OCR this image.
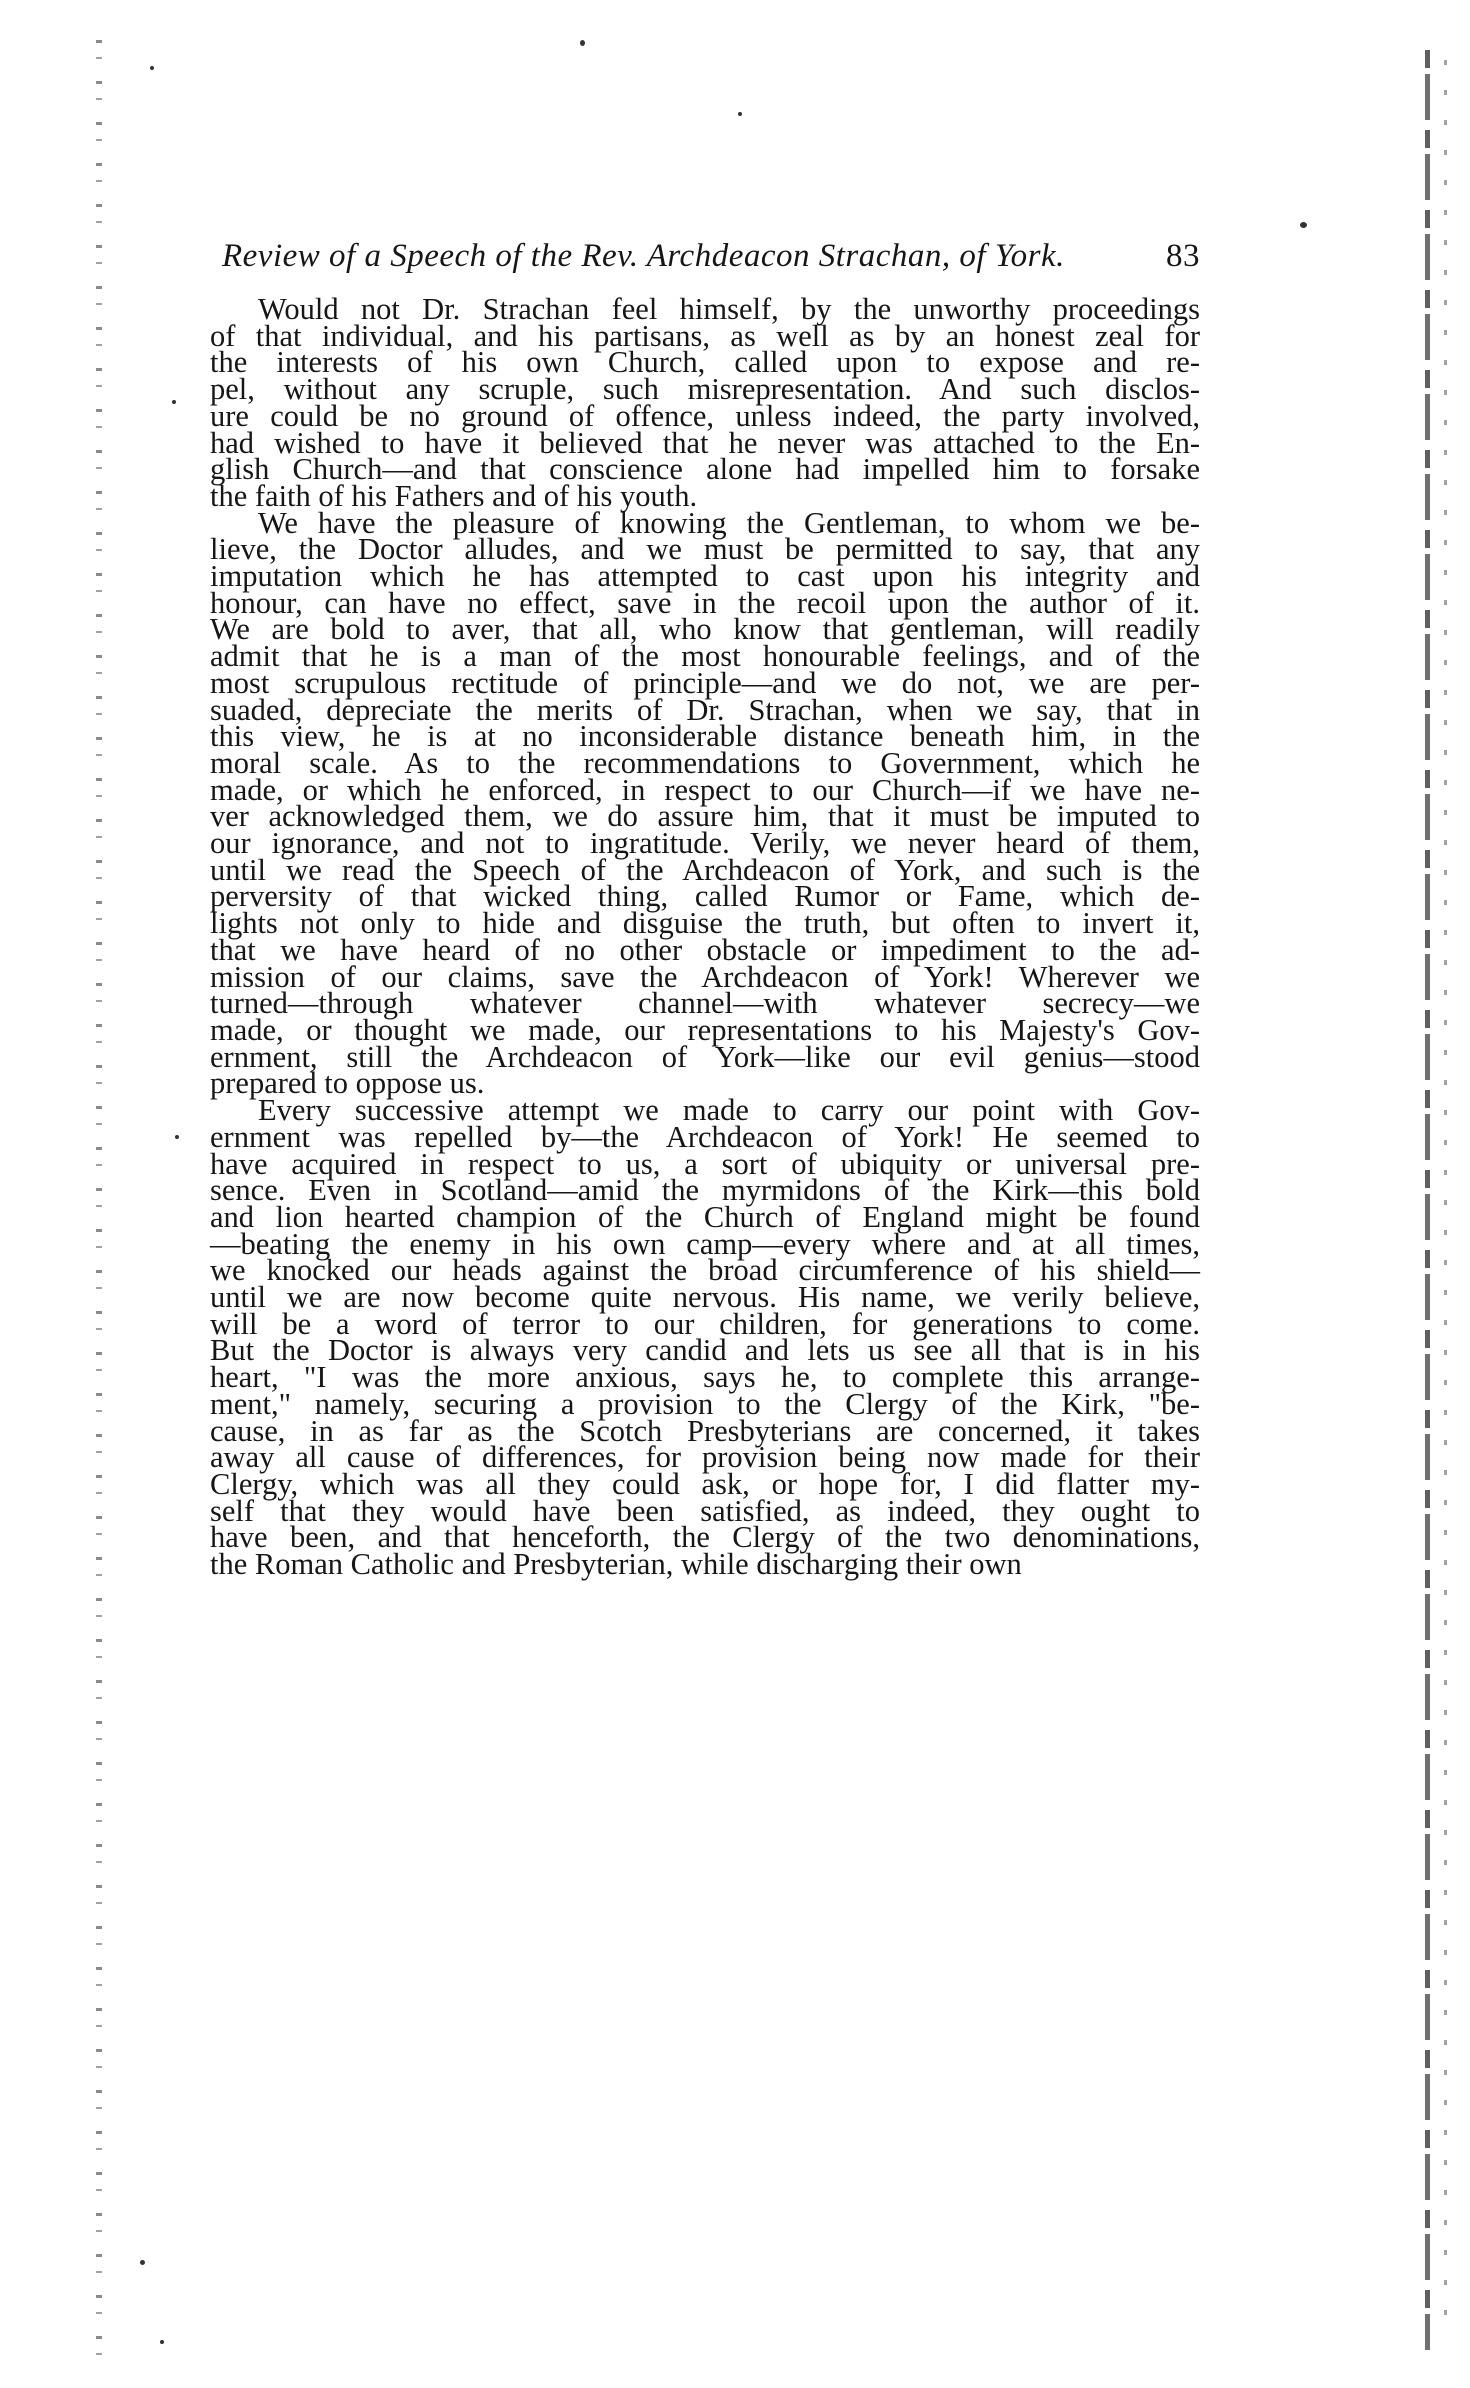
Review of a Speech of the Rev. Archdeacon Strachan, of York.	83
Would not Dr. Strachan feel himself, by the unworthy proceedings
of that individual, and his partisans, as well as by an honest zeal for
the interests of his own Church, called upon to expose and re-
pel, without any scruple, such misrepresentation. And such disclos-
ure could be no ground of offence, unless indeed, the party involved,
had wished to have it believed that he never was attached to the En-
glish Church—and that conscience alone had impelled him to forsake
the faith of his Fathers and of his youth.
We have the pleasure of knowing the Gentleman, to whom we be-
lieve, the Doctor alludes, and we must be permitted to say, that any
imputation which he has attempted to cast upon his integrity and
honour, can have no effect, save in the recoil upon the author of it.
We are bold to aver, that all, who know that gentleman, will readily
admit that he is a man of the most honourable feelings, and of the
most scrupulous rectitude of principle—and we do not, we are per-
suaded, depreciate the merits of Dr. Strachan, when we say, that in
this view, he is at no inconsiderable distance beneath him, in the
moral scale. As to the recommendations to Government, which he
made, or which he enforced, in respect to our Church—if we have ne-
ver acknowledged them, we do assure him, that it must be imputed to
our ignorance, and not to ingratitude. Verily, we never heard of them,
until we read the Speech of the Archdeacon of York, and such is the
perversity of that wicked thing, called Rumor or Fame, which de-
lights not only to hide and disguise the truth, but often to invert it,
that we have heard of no other obstacle or impediment to the ad-
mission of our claims, save the Archdeacon of York! Wherever we
turned—through whatever channel—with whatever secrecy—we
made, or thought we made, our representations to his Majesty's Gov-
ernment, still the Archdeacon of York—like our evil genius—stood
prepared to oppose us.
Every successive attempt we made to carry our point with Gov-
ernment was repelled by—the Archdeacon of York! He seemed to
have acquired in respect to us, a sort of ubiquity or universal pre-
sence. Even in Scotland—amid the myrmidons of the Kirk—this bold
and lion hearted champion of the Church of England might be found
—beating the enemy in his own camp—every where and at all times,
we knocked our heads against the broad circumference of his shield—
until we are now become quite nervous. His name, we verily believe,
will be a word of terror to our children, for generations to come.
But the Doctor is always very candid and lets us see all that is in his
heart, "I was the more anxious, says he, to complete this arrange-
ment," namely, securing a provision to the Clergy of the Kirk, "be-
cause, in as far as the Scotch Presbyterians are concerned, it takes
away all cause of differences, for provision being now made for their
Clergy, which was all they could ask, or hope for, I did flatter my-
self that they would have been satisfied, as indeed, they ought to
have been, and that henceforth, the Clergy of the two denominations,
the Roman Catholic and Presbyterian, while discharging their own
